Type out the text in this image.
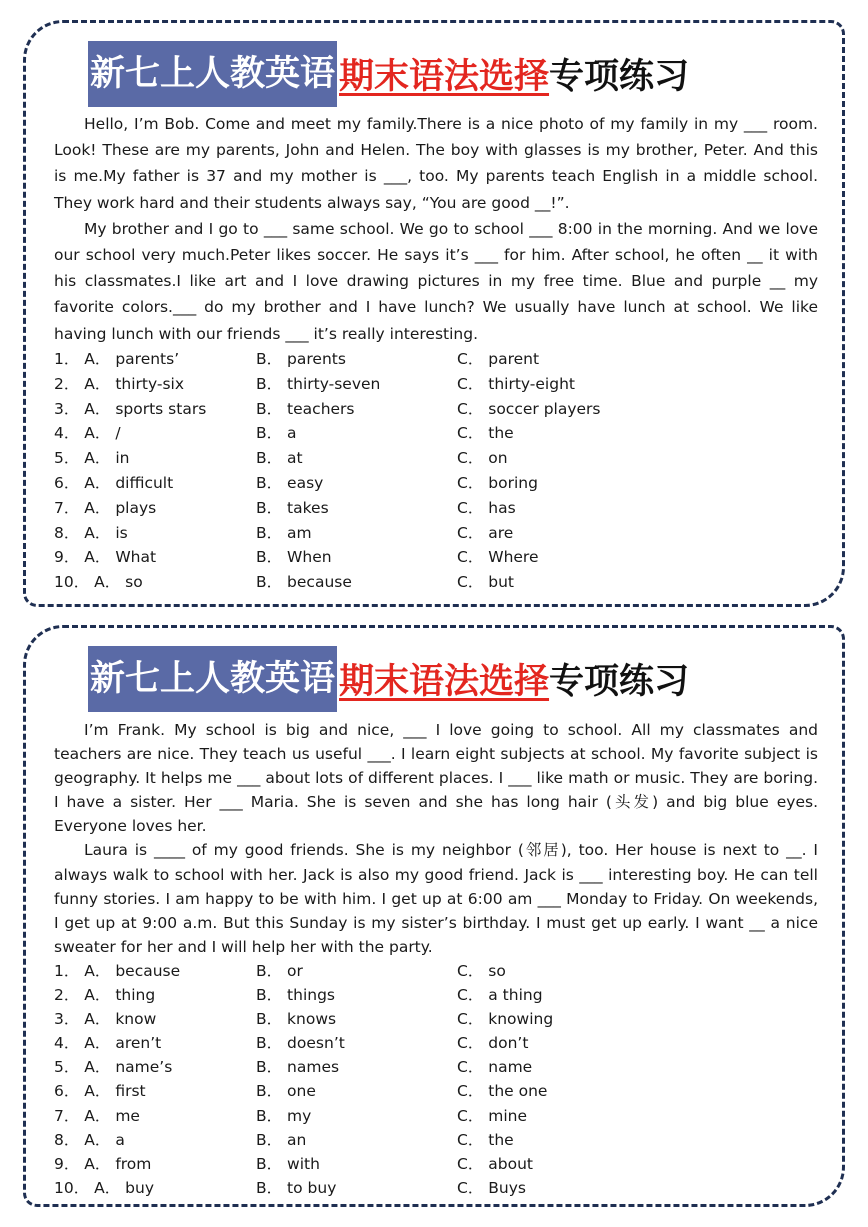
新七上人教英语 期末语法选择 专项练习

Hello, I’m Bob. Come and meet my family.There is a nice photo of my family in my ___ room. Look! These are my parents, John and Helen. The boy with glasses is my brother, Peter. And this is me.My father is 37 and my mother is ___, too. My parents teach English in a middle school. They work hard and their students always say, “You are good __!”.

My brother and I go to ___ same school. We go to school ___ 8:00 in the morning. And we love our school very much.Peter likes soccer. He says it’s ___ for him. After school, he often __ it with his classmates.I like art and I love drawing pictures in my free time. Blue and purple __ my favorite colors.___ do my brother and I have lunch? We usually have lunch at school. We like having lunch with our friends ___ it’s really interesting.

1． A． parents’	B． parents	C． parent
2． A． thirty-six	B． thirty-seven	C． thirty-eight
3． A． sports stars	B． teachers	C． soccer players
4． A． /	B． a	C． the
5． A． in	B． at	C． on
6． A． difficult	B． easy	C． boring
7． A． plays	B． takes	C． has
8． A． is	B． am	C． are
9． A． What	B． When	C． Where
10． A． so	B． because	C． but
新七上人教英语 期末语法选择 专项练习

I’m Frank. My school is big and nice, ___ I love going to school. All my classmates and teachers are nice. They teach us useful ___. I learn eight subjects at school. My favorite subject is geography. It helps me ___ about lots of different places. I ___ like math or music. They are boring. I have a sister. Her ___ Maria. She is seven and she has long hair (头发) and big blue eyes. Everyone loves her.

Laura is ____ of my good friends. She is my neighbor (邻居), too. Her house is next to __. I always walk to school with her. Jack is also my good friend. Jack is ___ interesting boy. He can tell funny stories. I am happy to be with him. I get up at 6:00 am ___ Monday to Friday. On weekends, I get up at 9:00 a.m. But this Sunday is my sister’s birthday. I must get up early. I want __ a nice sweater for her and I will help her with the party.

1． A． because	B． or	C． so
2． A． thing	B． things	C． a thing
3． A． know	B． knows	C． knowing
4． A． aren’t	B． doesn’t	C． don’t
5． A． name’s	B． names	C． name
6． A． first	B． one	C． the one
7． A． me	B． my	C． mine
8． A． a	B． an	C． the
9． A． from	B． with	C． about
10． A． buy	B． to buy	C． Buys
